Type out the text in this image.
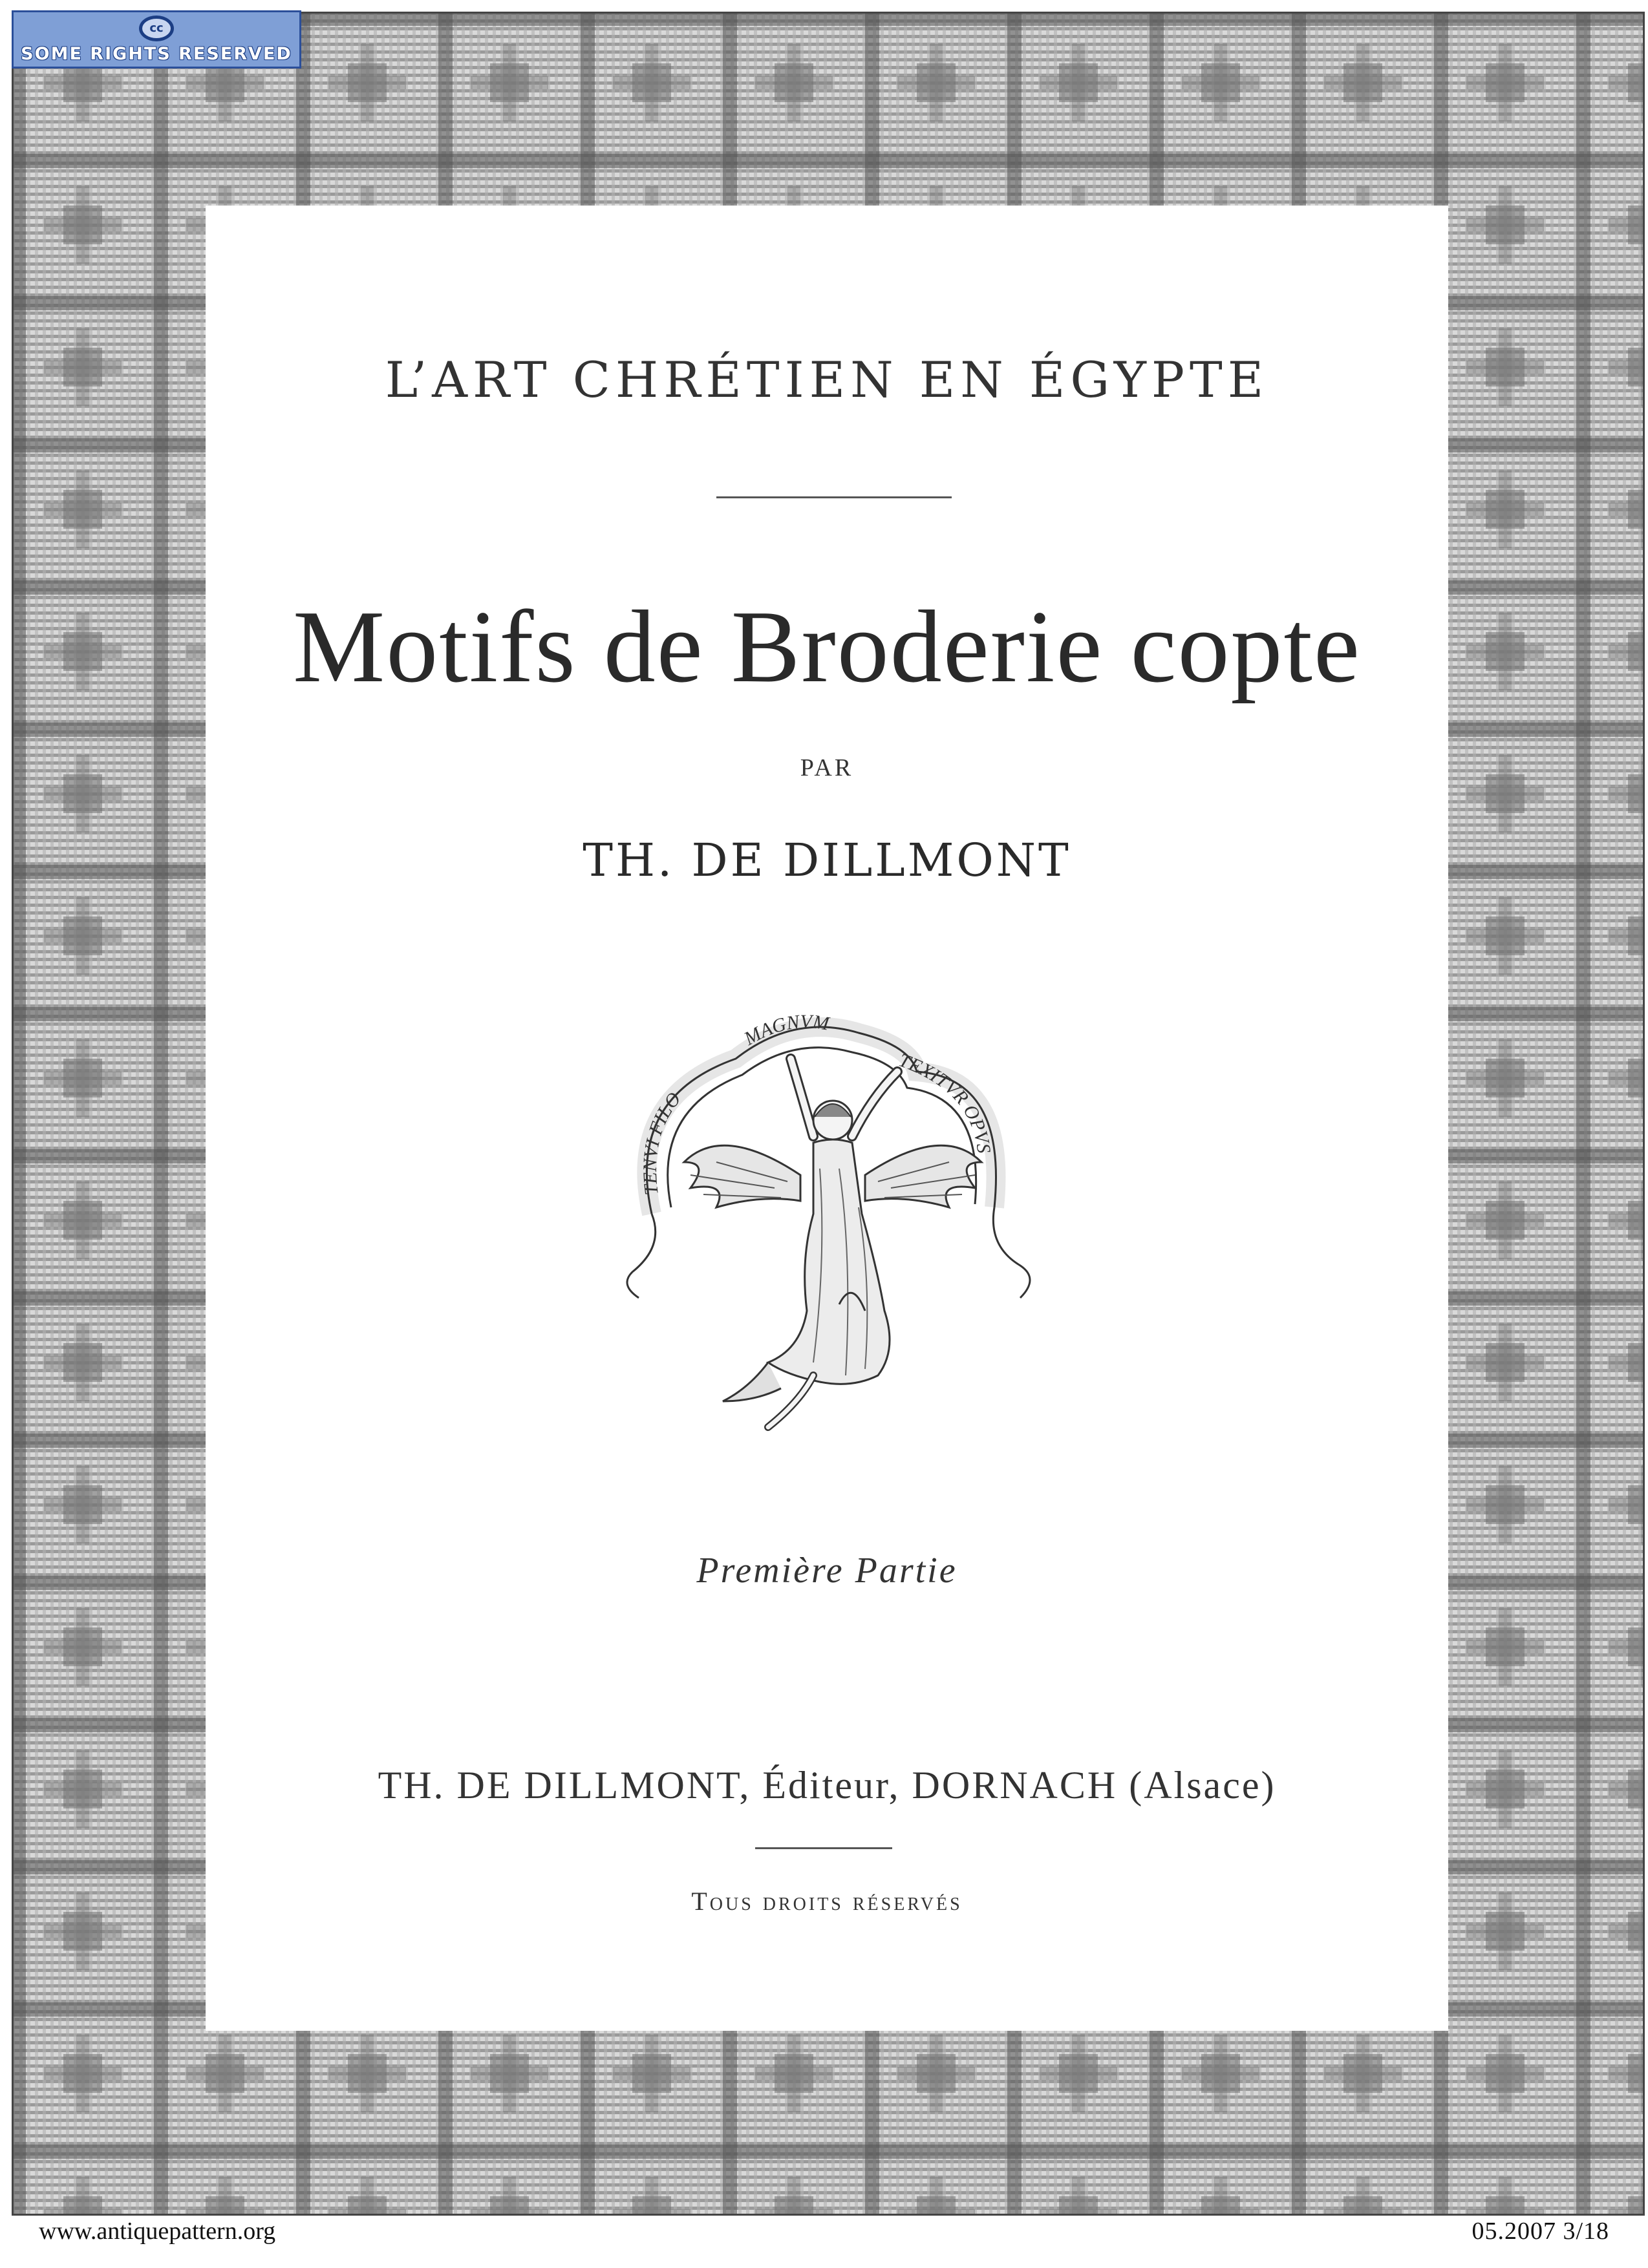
cc
SOME RIGHTS RESERVED
L’ART CHRÉTIEN EN ÉGYPTE
Motifs de Broderie copte
PAR
TH. DE DILLMONT
TENVI FILO
MAGNVM
TEXITVR OPVS
Première Partie
TH. DE DILLMONT, Éditeur, DORNACH (Alsace)
Tous droits réservés
www.antiquepattern.org	05.2007 3/18
